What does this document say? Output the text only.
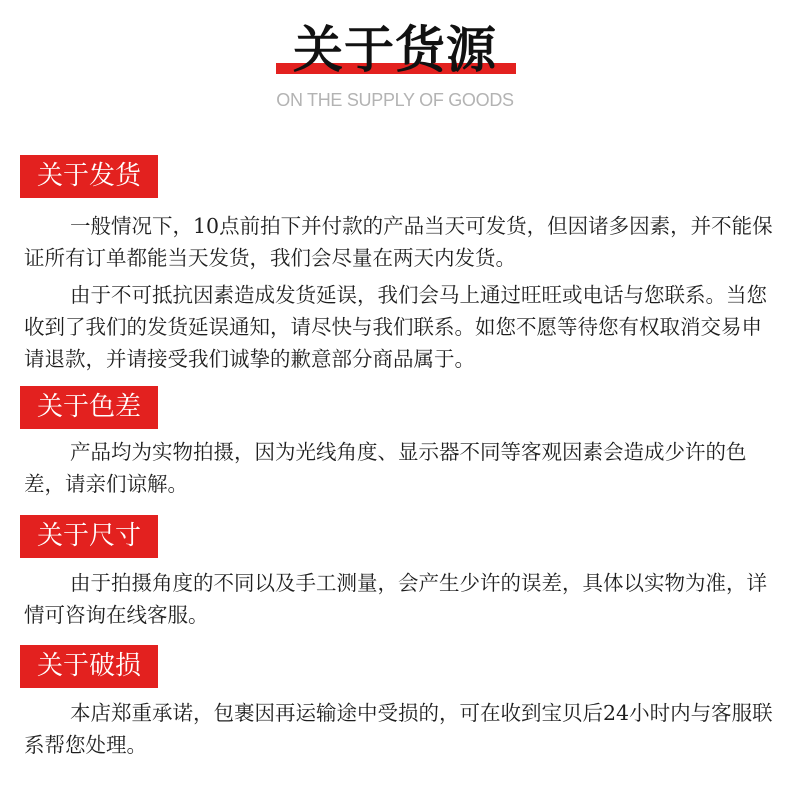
关于货源
ON THE SUPPLY OF GOODS
关于发货

一般情况下，10点前拍下并付款的产品当天可发货，但因诸多因素，并不能保证所有订单都能当天发货，我们会尽量在两天内发货。

由于不可抵抗因素造成发货延误，我们会马上通过旺旺或电话与您联系。当您收到了我们的发货延误通知，请尽快与我们联系。如您不愿等待您有权取消交易申请退款，并请接受我们诚挚的歉意部分商品属于。

关于色差

产品均为实物拍摄，因为光线角度、显示器不同等客观因素会造成少许的色差，请亲们谅解。

关于尺寸

由于拍摄角度的不同以及手工测量，会产生少许的误差，具体以实物为准，详情可咨询在线客服。

关于破损

本店郑重承诺，包裹因再运输途中受损的，可在收到宝贝后24小时内与客服联系帮您处理。
